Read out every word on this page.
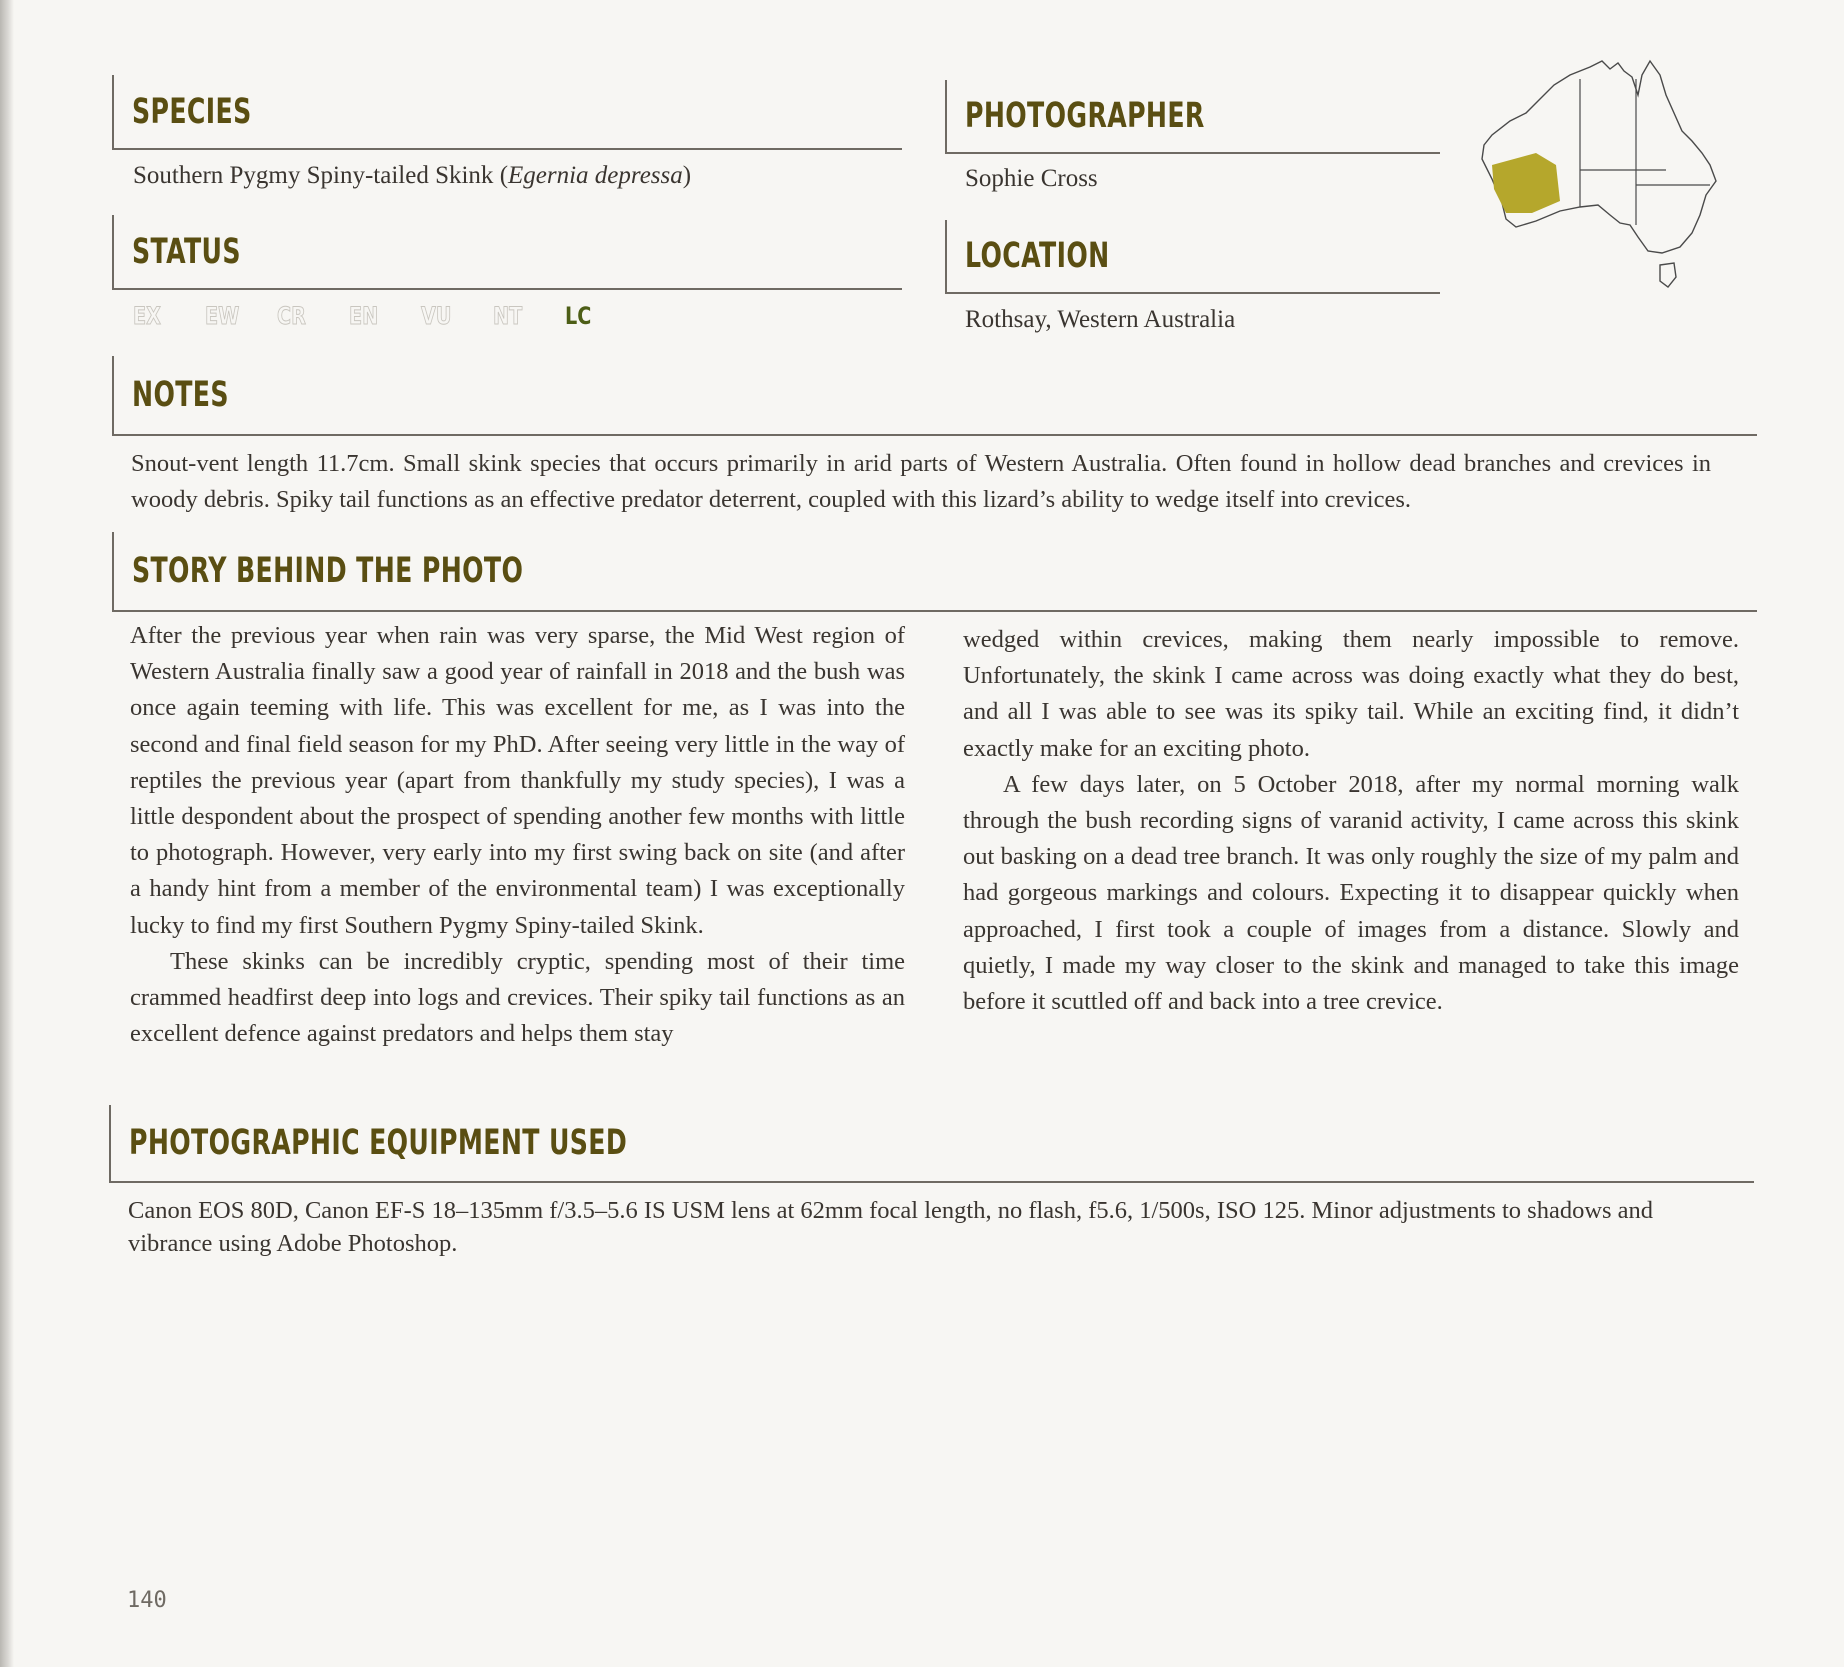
SPECIES
Southern Pygmy Spiny-tailed Skink (Egernia depressa)
PHOTOGRAPHER
Sophie Cross
STATUS
EX	EW	CR	EN	VU	NT	LC
LOCATION
Rothsay, Western Australia
NOTES
Snout-vent length 11.7cm. Small skink species that occurs primarily in arid parts of Western Australia. Often found in hollow dead branches and crevices in woody debris. Spiky tail functions as an effective predator deterrent, coupled with this lizard’s ability to wedge itself into crevices.
STORY BEHIND THE PHOTO

After the previous year when rain was very sparse, the Mid West region of Western Australia finally saw a good year of rainfall in 2018 and the bush was once again teeming with life. This was excellent for me, as I was into the second and final field season for my PhD. After seeing very little in the way of reptiles the previous year (apart from thankfully my study species), I was a little despondent about the prospect of spending another few months with little to photograph. However, very early into my first swing back on site (and after a handy hint from a member of the environmental team) I was exceptionally lucky to find my first Southern Pygmy Spiny-tailed Skink.

These skinks can be incredibly cryptic, spending most of their time crammed headfirst deep into logs and crevices. Their spiky tail functions as an excellent defence against predators and helps them stay

wedged within crevices, making them nearly impossible to remove. Unfortunately, the skink I came across was doing exactly what they do best, and all I was able to see was its spiky tail. While an exciting find, it didn’t exactly make for an exciting photo.

A few days later, on 5 October 2018, after my normal morning walk through the bush recording signs of varanid activity, I came across this skink out basking on a dead tree branch. It was only roughly the size of my palm and had gorgeous markings and colours. Expecting it to disappear quickly when approached, I first took a couple of images from a distance. Slowly and quietly, I made my way closer to the skink and managed to take this image before it scuttled off and back into a tree crevice.

PHOTOGRAPHIC EQUIPMENT USED
Canon EOS 80D, Canon EF-S 18–135mm f/3.5–5.6 IS USM lens at 62mm focal length, no flash, f5.6, 1/500s, ISO 125. Minor adjustments to shadows and vibrance using Adobe Photoshop.
140
